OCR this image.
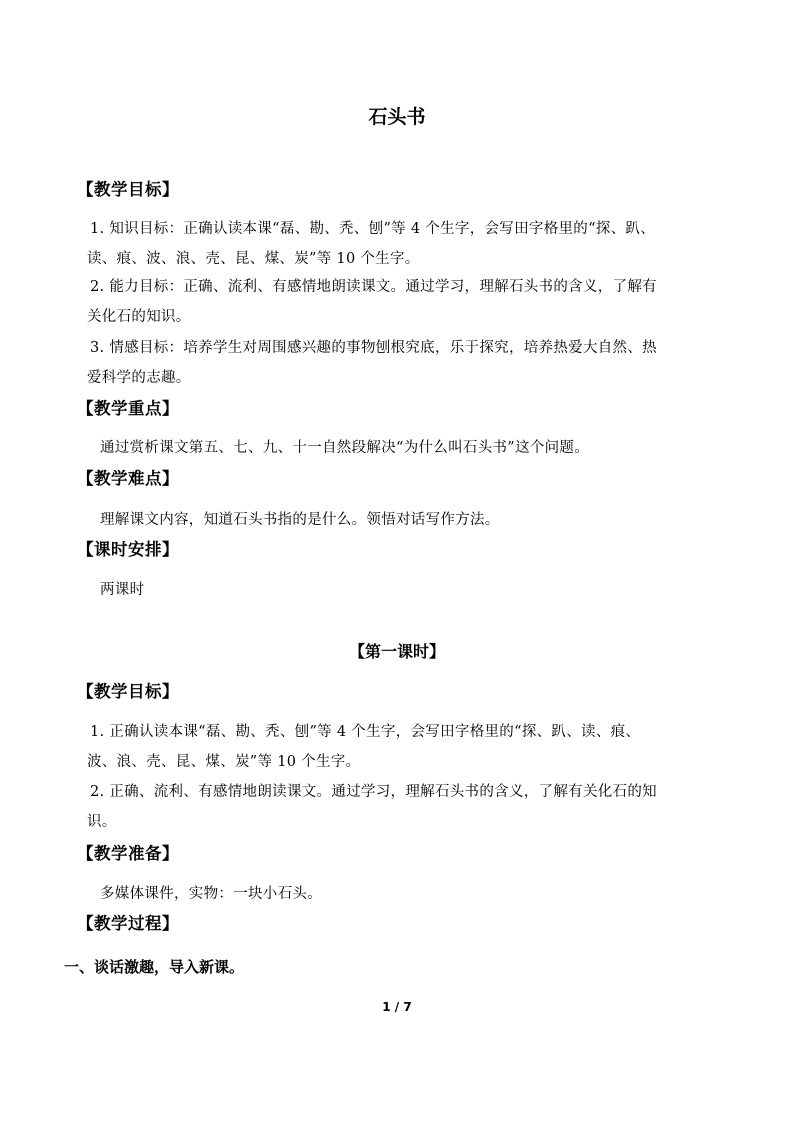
石头书
【教学目标】
1. 知识目标：正确认读本课“磊、勘、秃、刨”等 4 个生字，会写田字格里的“探、趴、
读、痕、波、浪、壳、昆、煤、炭”等 10 个生字。
2. 能力目标：正确、流利、有感情地朗读课文。通过学习，理解石头书的含义，了解有
关化石的知识。
3. 情感目标：培养学生对周围感兴趣的事物刨根究底，乐于探究，培养热爱大自然、热
爱科学的志趣。
【教学重点】
通过赏析课文第五、七、九、十一自然段解决“为什么叫石头书”这个问题。
【教学难点】
理解课文内容，知道石头书指的是什么。领悟对话写作方法。
【课时安排】
两课时
【第一课时】
【教学目标】
1. 正确认读本课“磊、勘、秃、刨”等 4 个生字，会写田字格里的“探、趴、读、痕、
波、浪、壳、昆、煤、炭”等 10 个生字。
2. 正确、流利、有感情地朗读课文。通过学习，理解石头书的含义，了解有关化石的知
识。
【教学准备】
多媒体课件，实物：一块小石头。
【教学过程】
一、谈话激趣，导入新课。
1 / 7
